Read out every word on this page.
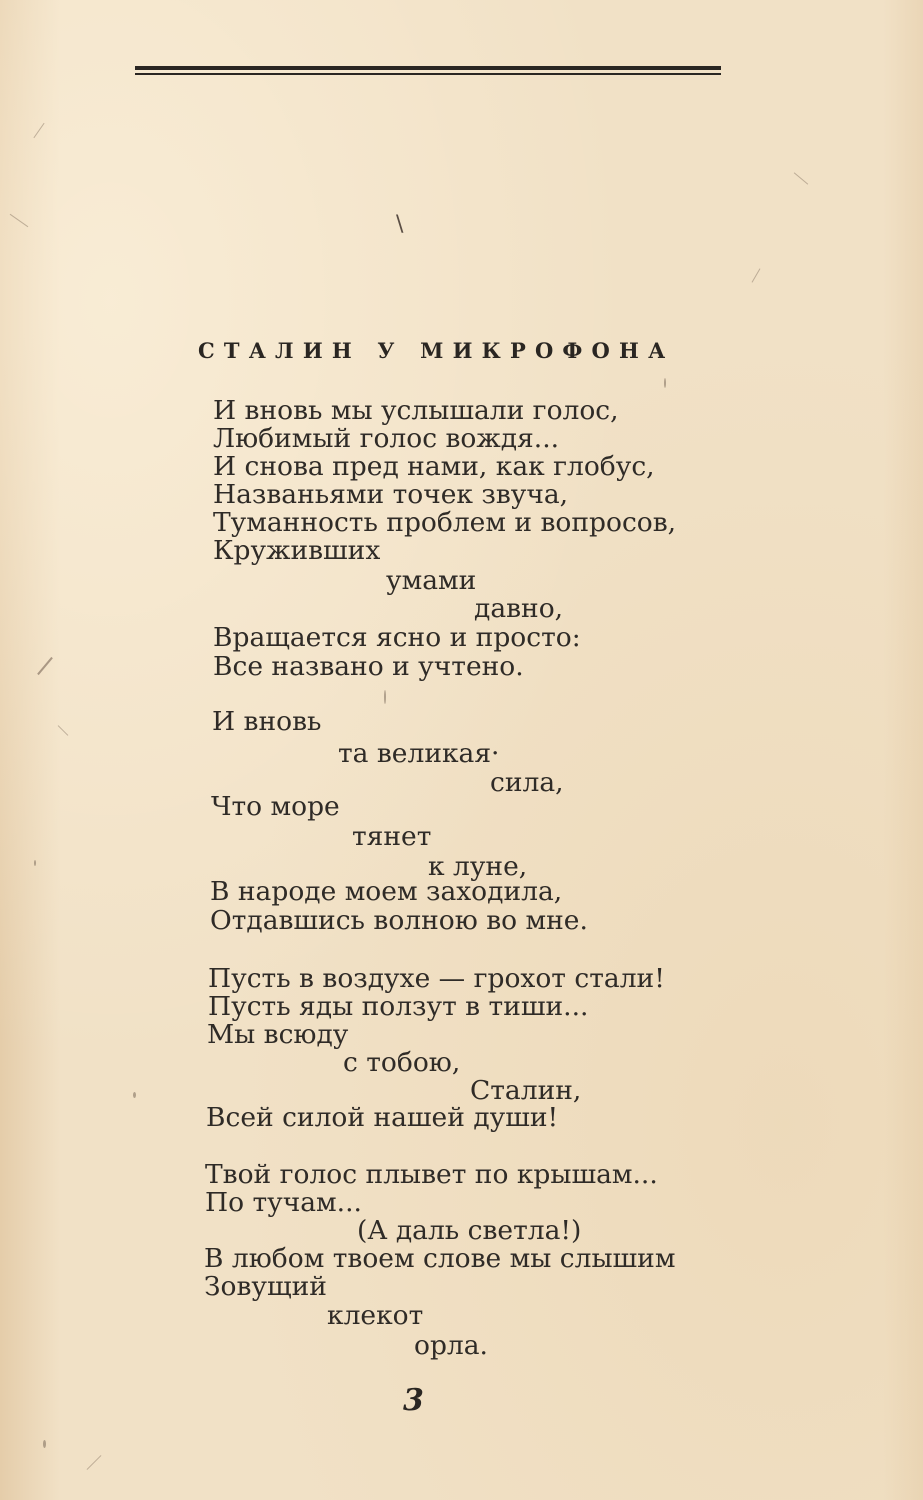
\
СТАЛИН У МИКРОФОНА
И вновь мы услышали голос,
Любимый голос вождя...
И снова пред нами, как глобус,
Названьями точек звуча,
Туманность проблем и вопросов,
Круживших
умами
давно,
Вращается ясно и просто:
Все названо и учтено.
И вновь
та великая·
сила,
Что море
тянет
к луне,
В народе моем заходила,
Отдавшись волною во мне.
Пусть в воздухе — грохот стали!
Пусть яды ползут в тиши...
Мы всюду
с тобою,
Сталин,
Всей силой нашей души!
Твой голос плывет по крышам...
По тучам...
(А даль светла!)
В любом твоем слове мы слышим
Зовущий
клекот
орла.
3
